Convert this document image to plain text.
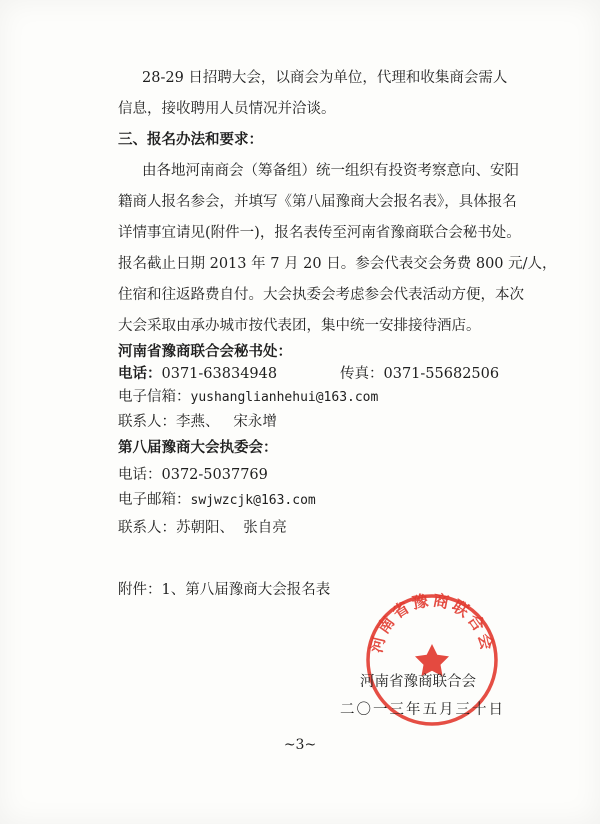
28-29 日招聘大会，以商会为单位，代理和收集商会需人
信息，接收聘用人员情况并洽谈。
三、报名办法和要求：
由各地河南商会（筹备组）统一组织有投资考察意向、安阳
籍商人报名参会，并填写《第八届豫商大会报名表》，具体报名
详情事宜请见(附件一)，报名表传至河南省豫商联合会秘书处。
报名截止日期 2013 年 7 月 20 日。参会代表交会务费 800 元/人，
住宿和往返路费自付。大会执委会考虑参会代表活动方便，本次
大会采取由承办城市按代表团，集中统一安排接待酒店。
河南省豫商联合会秘书处：
电话：0371-63834948	传真：0371-55682506
电子信箱：yushanglianhehui@163.com
联系人：李燕、   宋永增
第八届豫商大会执委会：
电话：0372-5037769
电子邮箱：swjwzcjk@163.com
联系人：苏朝阳、  张自亮
附件：1、第八届豫商大会报名表
河南省豫商联合会
河南省豫商联合会
二〇一三年五月三十日
~3~
